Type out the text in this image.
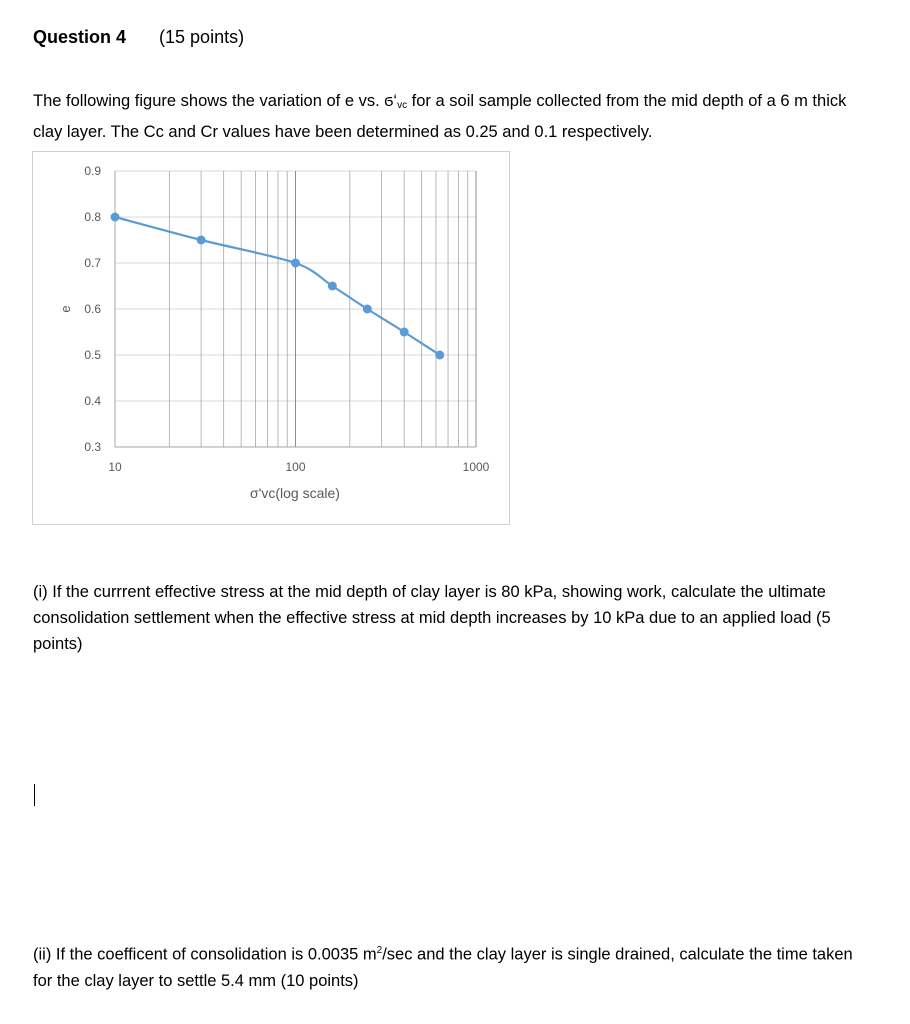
Question 4 (15 points)
The following figure shows the variation of e vs. $ϭ‘_{vc}$ for a soil sample collected from the mid depth of a 6 m thick clay layer. The Cc and Cr values have been determined as 0.25 and 0.1 respectively.
0.9
0.8
0.7
0.6
0.5
0.4
0.3
10	100	1000
σ'vc(log scale)
e
(i) If the currrent effective stress at the mid depth of clay layer is 80 kPa, showing work, calculate the ultimate consolidation settlement when the effective stress at mid depth increases by 10 kPa due to an applied load (5 points)
(ii) If the coefficent of consolidation is 0.0035 $m^2/\sec$ and the clay layer is single drained, calculate the time taken for the clay layer to settle 5.4 mm (10 points)
